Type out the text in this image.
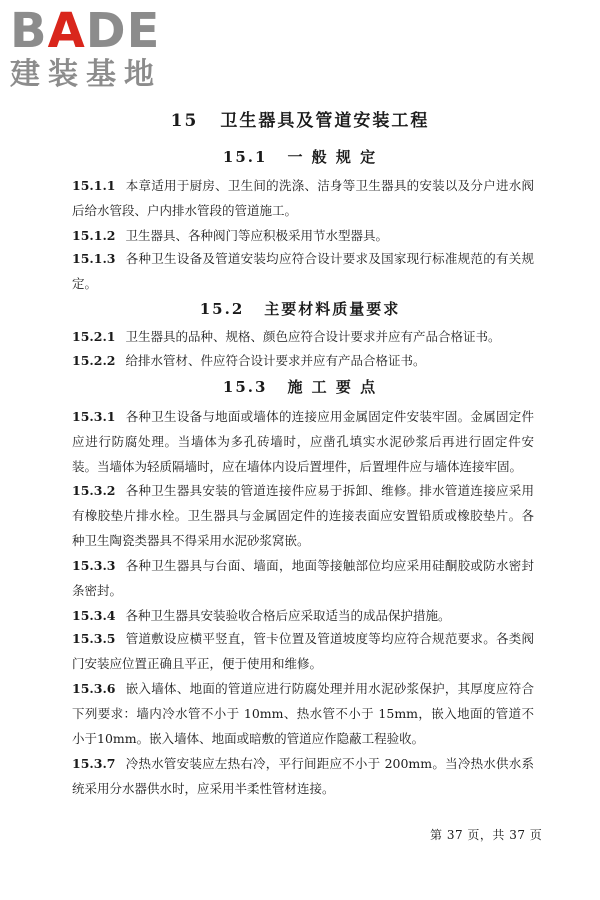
BADE
建装基地
15 卫生器具及管道安装工程
15.1 一 般 规 定
15.1.1 本章适用于厨房、卫生间的洗涤、洁身等卫生器具的安装以及分户进水阀后给水管段、户内排水管段的管道施工。
15.1.2 卫生器具、各种阀门等应积极采用节水型器具。
15.1.3 各种卫生设备及管道安装均应符合设计要求及国家现行标准规范的有关规定。
15.2 主要材料质量要求
15.2.1 卫生器具的品种、规格、颜色应符合设计要求并应有产品合格证书。
15.2.2 给排水管材、件应符合设计要求并应有产品合格证书。
15.3 施 工 要 点
15.3.1 各种卫生设备与地面或墙体的连接应用金属固定件安装牢固。金属固定件应进行防腐处理。当墙体为多孔砖墙时，应凿孔填实水泥砂浆后再进行固定件安装。当墙体为轻质隔墙时，应在墙体内设后置埋件，后置埋件应与墙体连接牢固。
15.3.2 各种卫生器具安装的管道连接件应易于拆卸、维修。排水管道连接应采用有橡胶垫片排水栓。卫生器具与金属固定件的连接表面应安置铅质或橡胶垫片。各种卫生陶瓷类器具不得采用水泥砂浆窝嵌。
15.3.3 各种卫生器具与台面、墙面，地面等接触部位均应采用硅酮胶或防水密封条密封。
15.3.4 各种卫生器具安装验收合格后应采取适当的成品保护措施。
15.3.5 管道敷设应横平竖直，管卡位置及管道坡度等均应符合规范要求。各类阀门安装应位置正确且平正，便于使用和维修。
15.3.6 嵌入墙体、地面的管道应进行防腐处理并用水泥砂浆保护，其厚度应符合下列要求：墙内冷水管不小于 10mm、热水管不小于 15mm，嵌入地面的管道不小于10mm。嵌入墙体、地面或暗敷的管道应作隐蔽工程验收。
15.3.7 冷热水管安装应左热右冷，平行间距应不小于 200mm。当冷热水供水系统采用分水器供水时，应采用半柔性管材连接。
第 37 页，共 37 页
